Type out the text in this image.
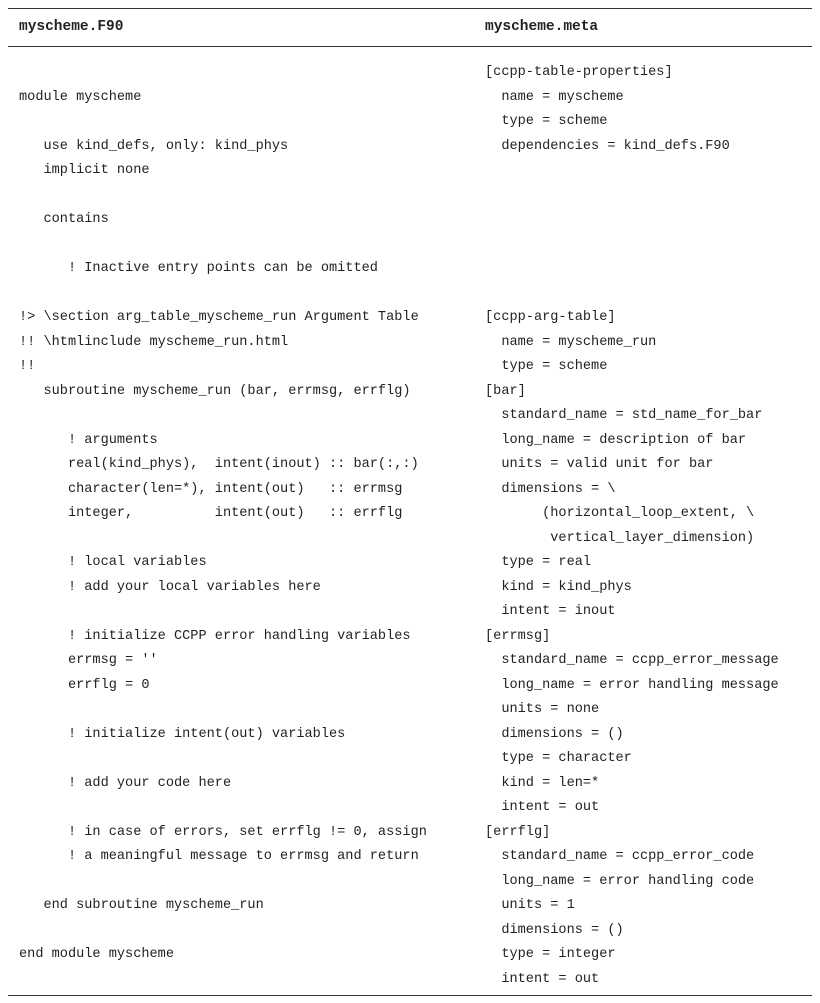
myscheme.F90	myscheme.meta
module myscheme
use kind_defs, only: kind_phys
implicit none
contains
! Inactive entry points can be omitted
!> \section arg_table_myscheme_run Argument Table
!! \htmlinclude myscheme_run.html
!!
subroutine myscheme_run (bar, errmsg, errflg)
! arguments
real(kind_phys),  intent(inout) :: bar(:,:)
character(len=*), intent(out)   :: errmsg
integer,          intent(out)   :: errflg
! local variables
! add your local variables here
! initialize CCPP error handling variables
errmsg = ''
errflg = 0
! initialize intent(out) variables
! add your code here
! in case of errors, set errflg != 0, assign
! a meaningful message to errmsg and return
end subroutine myscheme_run
end module myscheme
[ccpp-table-properties]
name = myscheme
type = scheme
dependencies = kind_defs.F90
[ccpp-arg-table]
name = myscheme_run
type = scheme
[bar]
standard_name = std_name_for_bar
long_name = description of bar
units = valid unit for bar
dimensions = \
(horizontal_loop_extent, \
vertical_layer_dimension)
type = real
kind = kind_phys
intent = inout
[errmsg]
standard_name = ccpp_error_message
long_name = error handling message
units = none
dimensions = ()
type = character
kind = len=*
intent = out
[errflg]
standard_name = ccpp_error_code
long_name = error handling code
units = 1
dimensions = ()
type = integer
intent = out
